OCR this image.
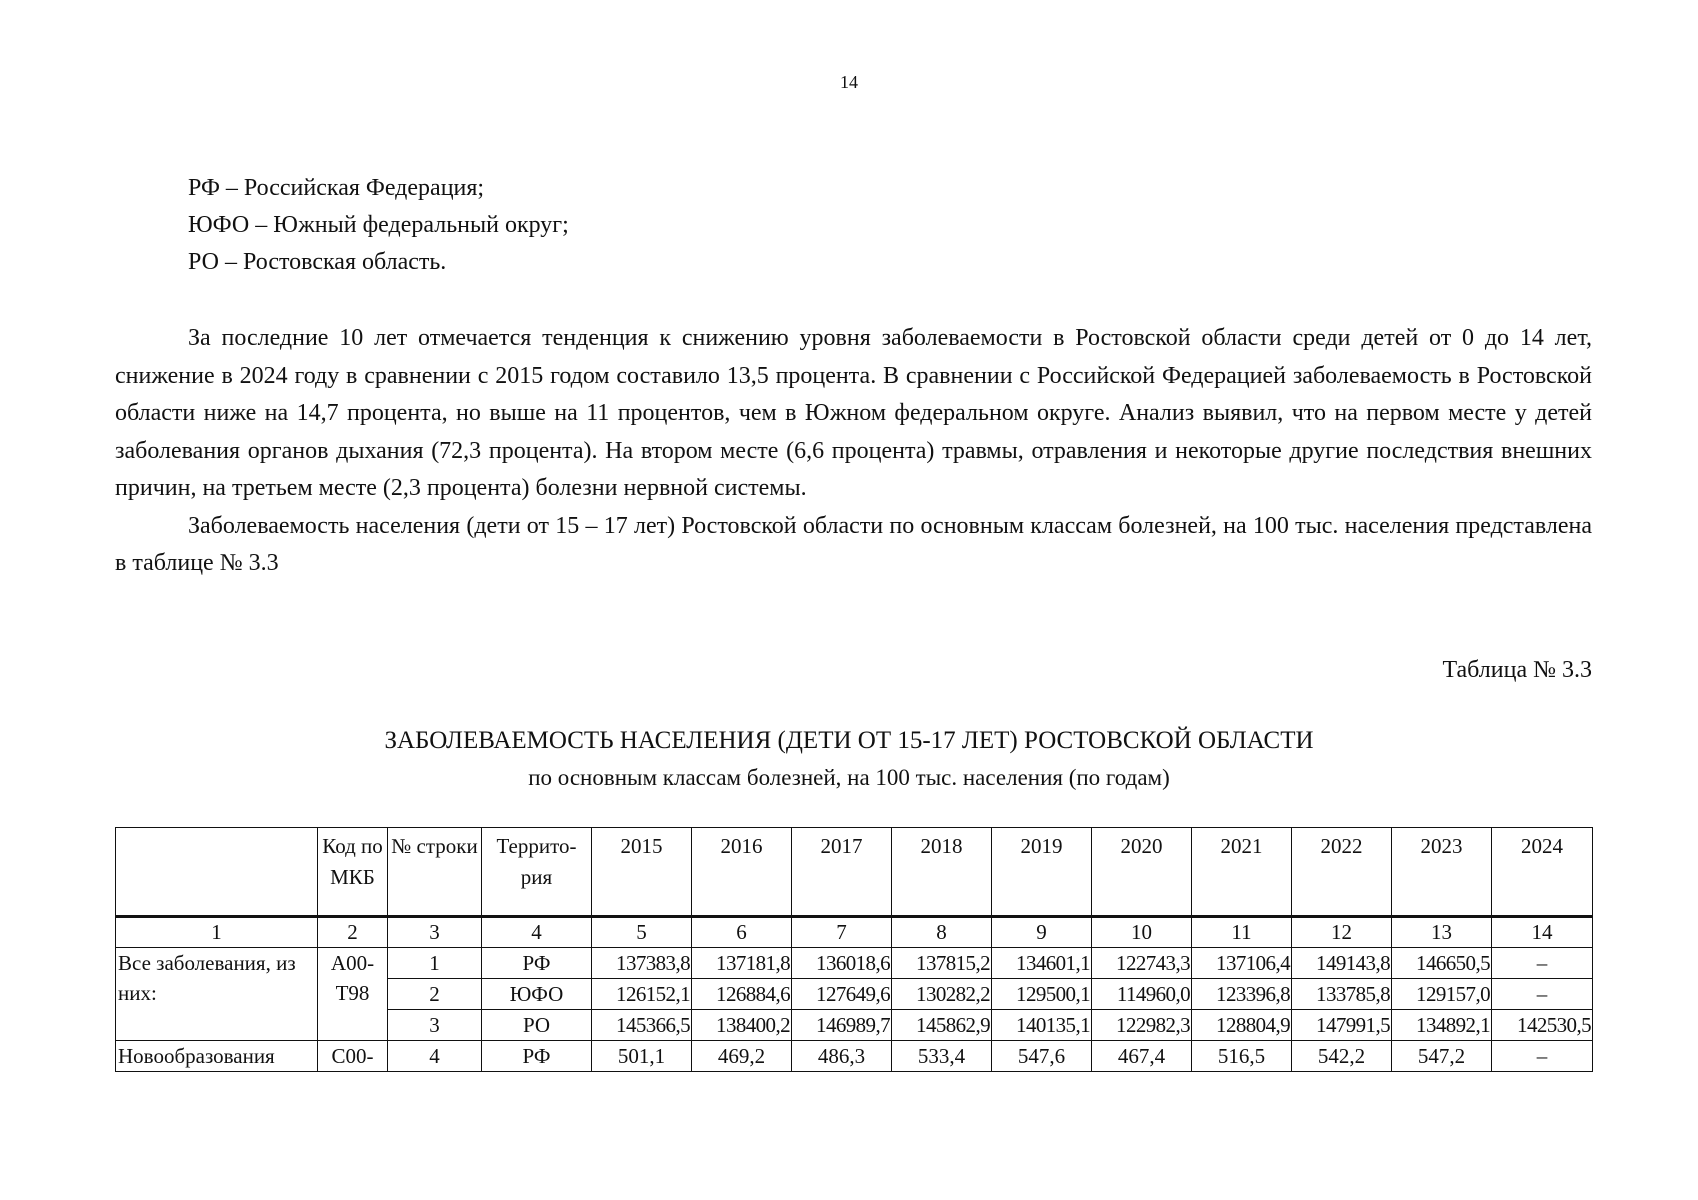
14
РФ – Российская Федерация;
ЮФО – Южный федеральный округ;
РО – Ростовская область.

За последние 10 лет отмечается тенденция к снижению уровня заболеваемости в Ростовской области среди детей от 0 до 14 лет, снижение в 2024 году в сравнении с 2015 годом составило 13,5 процента. В сравнении с Российской Федерацией заболеваемость в Ростовской области ниже на 14,7 процента, но выше на 11 процентов, чем в Южном федеральном округе. Анализ выявил, что на первом месте у детей заболевания органов дыхания (72,3 процента). На втором месте (6,6 процента) травмы, отравления и некоторые другие последствия внешних причин, на третьем месте (2,3 процента) болезни нервной системы.

Заболеваемость населения (дети от 15 – 17 лет) Ростовской области по основным классам болезней, на 100 тыс. населения представлена в таблице № 3.3

Таблица № 3.3
ЗАБОЛЕВАЕМОСТЬ НАСЕЛЕНИЯ (ДЕТИ ОТ 15-17 ЛЕТ) РОСТОВСКОЙ ОБЛАСТИ
по основным классам болезней, на 100 тыс. населения (по годам)
	Код по МКБ	№ строки	Террито-рия	2015	2016	2017	2018	2019	2020	2021	2022	2023	2024
1	2	3	4	5	6	7	8	9	10	11	12	13	14
Все заболевания, из них:	A00-T98	1	РФ	137383,8	137181,8	136018,6	137815,2	134601,1	122743,3	137106,4	149143,8	146650,5	–
		2	ЮФО	126152,1	126884,6	127649,6	130282,2	129500,1	114960,0	123396,8	133785,8	129157,0	–
		3	РО	145366,5	138400,2	146989,7	145862,9	140135,1	122982,3	128804,9	147991,5	134892,1	142530,5
Новообразования	C00-	4	РФ	501,1	469,2	486,3	533,4	547,6	467,4	516,5	542,2	547,2	–
